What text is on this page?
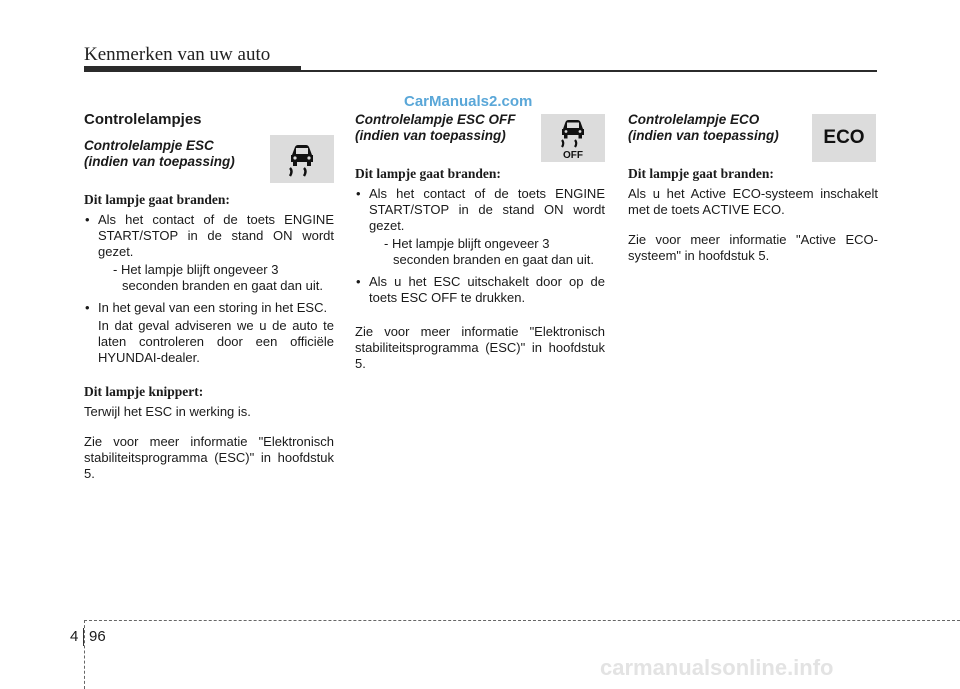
Kenmerken van uw auto
CarManuals2.com
Controlelampjes
Controlelampje ESC
(indien van toepassing)
Dit lampje gaat branden:
• Als het contact of de toets ENGINE START/STOP in de stand ON wordt gezet.
- Het lampje blijft ongeveer 3 seconden branden en gaat dan uit.
• In het geval van een storing in het ESC.
In dat geval adviseren we u de auto te laten controleren door een officiële HYUNDAI-dealer.
Dit lampje knippert:
Terwijl het ESC in werking is.
Zie voor meer informatie "Elektronisch stabiliteitsprogramma (ESC)" in hoofdstuk 5.
Controlelampje ESC OFF
(indien van toepassing)
Dit lampje gaat branden:
• Als het contact of de toets ENGINE START/STOP in de stand ON wordt gezet.
- Het lampje blijft ongeveer 3 seconden branden en gaat dan uit.
• Als u het ESC uitschakelt door op de toets ESC OFF te drukken.
Zie voor meer informatie "Elektronisch stabiliteitsprogramma (ESC)" in hoofdstuk 5.
Controlelampje ECO
(indien van toepassing)
Dit lampje gaat branden:
Als u het Active ECO-systeem inschakelt met de toets ACTIVE ECO.
Zie voor meer informatie "Active ECO-systeem" in hoofdstuk 5.
OFF
ECO
4 96
carmanualsonline.info
